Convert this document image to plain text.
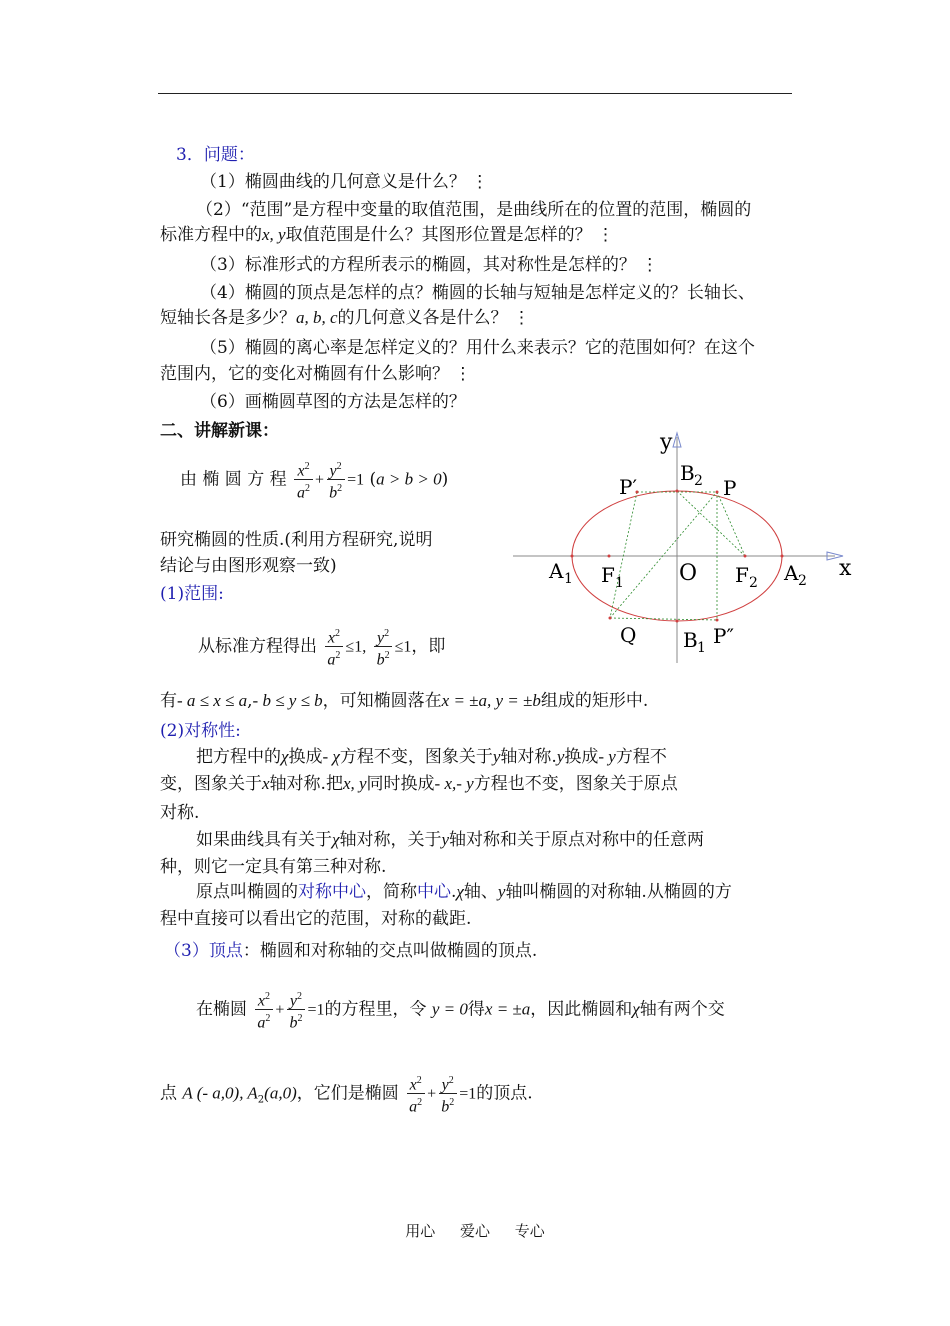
3．问题：
（1）椭圆曲线的几何意义是什么？ ⋮
（2）“范围”是方程中变量的取值范围，是曲线所在的位置的范围，椭圆的
标准方程中的x, y取值范围是什么？其图形位置是怎样的？ ⋮
（3）标准形式的方程所表示的椭圆，其对称性是怎样的？ ⋮
（4）椭圆的顶点是怎样的点？椭圆的长轴与短轴是怎样定义的？长轴长、
短轴长各是多少？a, b, c的几何意义各是什么？ ⋮
（5）椭圆的离心率是怎样定义的？用什么来表示？它的范围如何？在这个
范围内，它的变化对椭圆有什么影响？ ⋮
（6）画椭圆草图的方法是怎样的？
二、讲解新课：
由 椭 圆 方 程 $\frac{x^2}{a^2} + \frac{y^2}{b^2} =1$ (a > b > 0)
研究椭圆的性质.(利用方程研究,说明
结论与由图形观察一致)
(1)范围:
从标准方程得出 $\frac{x^2}{a^2} \le 1$, $\frac{y^2}{b^2} \le 1$，即
有- a ≤ x ≤ a,- b ≤ y ≤ b，可知椭圆落在x = ±a, y = ±b组成的矩形中.
(2)对称性:
把方程中的χ换成- χ方程不变，图象关于y轴对称.y换成- y方程不
变，图象关于x轴对称.把x, y同时换成- x,- y方程也不变，图象关于原点
对称.
如果曲线具有关于χ轴对称，关于y轴对称和关于原点对称中的任意两
种，则它一定具有第三种对称.
原点叫椭圆的对称中心，简称中心.χ轴、y轴叫椭圆的对称轴.从椭圆的方
程中直接可以看出它的范围，对称的截距.
（3）顶点：椭圆和对称轴的交点叫做椭圆的顶点.
在椭圆 $\frac{x^2}{a^2} + \frac{y^2}{b^2} =1$的方程里，令 y = 0得x = ±a，因此椭圆和χ轴有两个交
点 A (- a,0), $A_2(a,0)$，它们是椭圆 $\frac{x^2}{a^2} + \frac{y^2}{b^2} =1$的顶点.
y
x
O
A 1 F 1	F 2 A 2
B 2
B 1
P
P′
P″
Q
用心 爱心 专心
